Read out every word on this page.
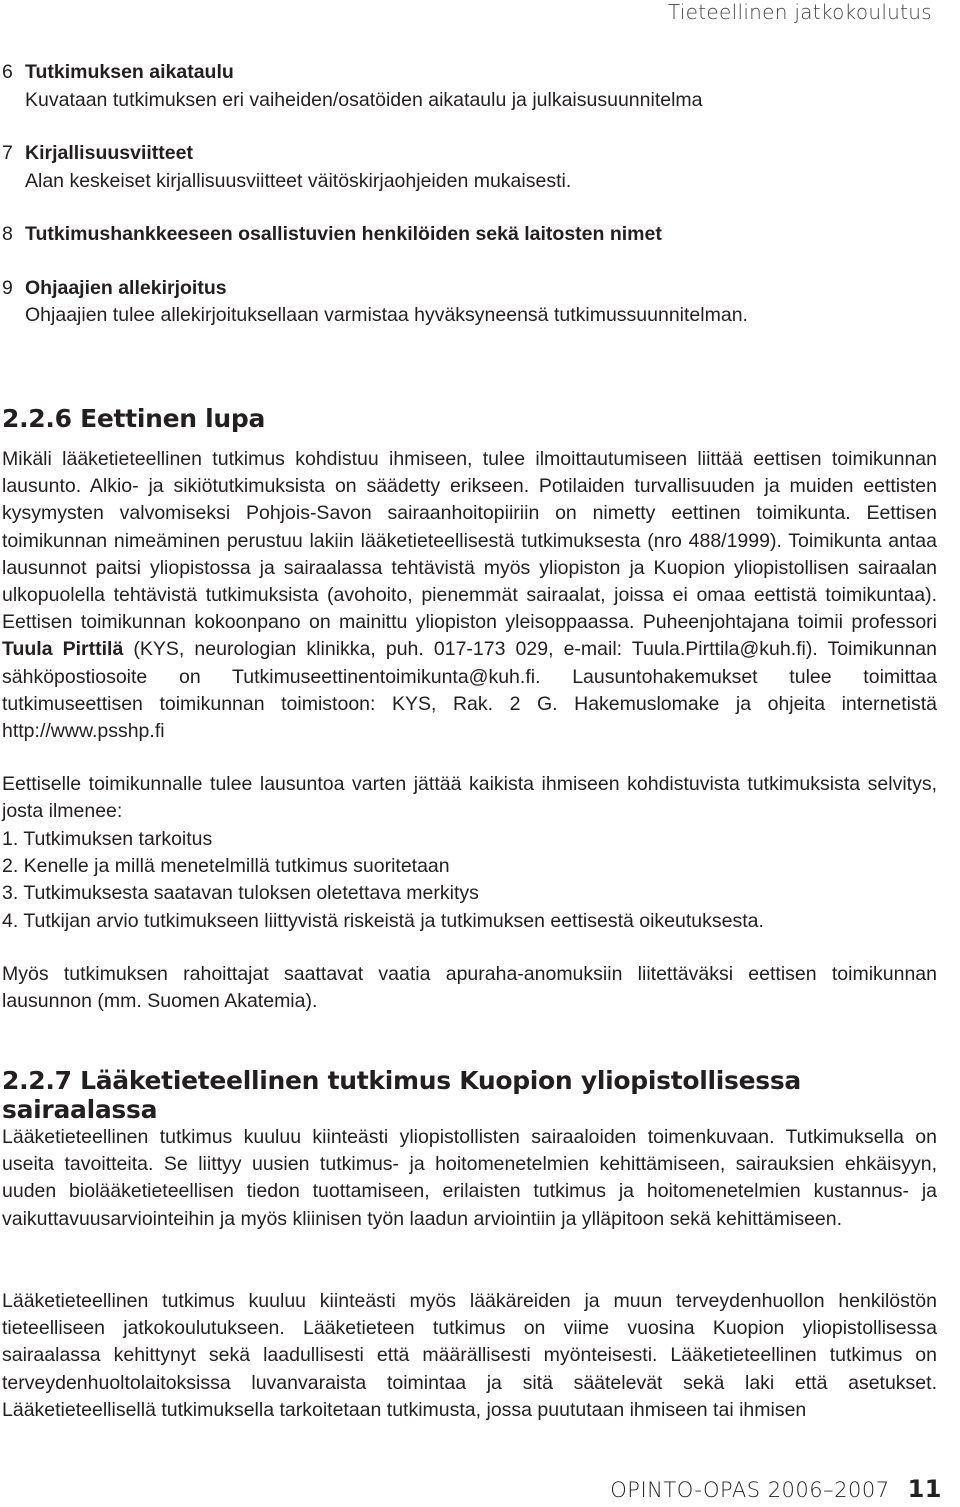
Tieteellinen jatkokoulutus
6 Tutkimuksen aikataulu
Kuvataan tutkimuksen eri vaiheiden/osatöiden aikataulu ja julkaisusuunnitelma
7 Kirjallisuusviitteet
Alan keskeiset kirjallisuusviitteet väitöskirjaohjeiden mukaisesti.
8 Tutkimushankkeeseen osallistuvien henkilöiden sekä laitosten nimet
9 Ohjaajien allekirjoitus
Ohjaajien tulee allekirjoituksellaan varmistaa hyväksyneensä tutkimussuunnitelman.
2.2.6 Eettinen lupa

Mikäli lääketieteellinen tutkimus kohdistuu ihmiseen, tulee ilmoittautumiseen liittää eettisen toimikunnan lausunto. Alkio- ja sikiötutkimuksista on säädetty erikseen. Potilaiden turvallisuuden ja muiden eettisten kysymysten valvomiseksi Pohjois-Savon sairaanhoitopiiriin on nimetty eettinen toimikunta. Eettisen toimikunnan nimeäminen perustuu lakiin lääketieteellisestä tutkimuksesta (nro 488/1999). Toimikunta antaa lausunnot paitsi yliopistossa ja sairaalassa tehtävistä myös yliopiston ja Kuopion yliopistollisen sairaalan ulkopuolella tehtävistä tutkimuksista (avohoito, pienemmät sairaalat, joissa ei omaa eettistä toimikuntaa). Eettisen toimikunnan kokoonpano on mainittu yliopiston yleisoppaassa. Puheenjohtajana toimii professori Tuula Pirttilä (KYS, neurologian klinikka, puh. 017-173 029, e-mail: Tuula.Pirttila@kuh.fi). Toimikunnan sähköpostiosoite on Tutkimuseettinentoimikunta@kuh.fi. Lausuntohakemukset tulee toimittaa tutkimuseettisen toimikunnan toimistoon: KYS, Rak. 2 G. Hakemuslomake ja ohjeita internetistä http://www.psshp.fi

Eettiselle toimikunnalle tulee lausuntoa varten jättää kaikista ihmiseen kohdistuvista tutkimuksista selvitys, josta ilmenee:

1. Tutkimuksen tarkoitus
2. Kenelle ja millä menetelmillä tutkimus suoritetaan
3. Tutkimuksesta saatavan tuloksen oletettava merkitys
4. Tutkijan arvio tutkimukseen liittyvistä riskeistä ja tutkimuksen eettisestä oikeutuksesta.

Myös tutkimuksen rahoittajat saattavat vaatia apuraha-anomuksiin liitettäväksi eettisen toimikunnan lausunnon (mm. Suomen Akatemia).

2.2.7 Lääketieteellinen tutkimus Kuopion yliopistollisessa sairaalassa

Lääketieteellinen tutkimus kuuluu kiinteästi yliopistollisten sairaaloiden toimenkuvaan. Tutkimuksella on useita tavoitteita. Se liittyy uusien tutkimus- ja hoitomenetelmien kehittämiseen, sairauksien ehkäisyyn, uuden biolääketieteellisen tiedon tuottamiseen, erilaisten tutkimus ja hoitomenetelmien kustannus- ja vaikuttavuusarviointeihin ja myös kliinisen työn laadun arviointiin ja ylläpitoon sekä kehittämiseen.

Lääketieteellinen tutkimus kuuluu kiinteästi myös lääkäreiden ja muun terveydenhuollon henkilöstön tieteelliseen jatkokoulutukseen. Lääketieteen tutkimus on viime vuosina Kuopion yliopistollisessa sairaalassa kehittynyt sekä laadullisesti että määrällisesti myönteisesti. Lääketieteellinen tutkimus on terveydenhuoltolaitoksissa luvanvaraista toimintaa ja sitä säätelevät sekä laki että asetukset. Lääketieteellisellä tutkimuksella tarkoitetaan tutkimusta, jossa puututaan ihmiseen tai ihmisen

OPINTO-OPAS 2006–2007 11
